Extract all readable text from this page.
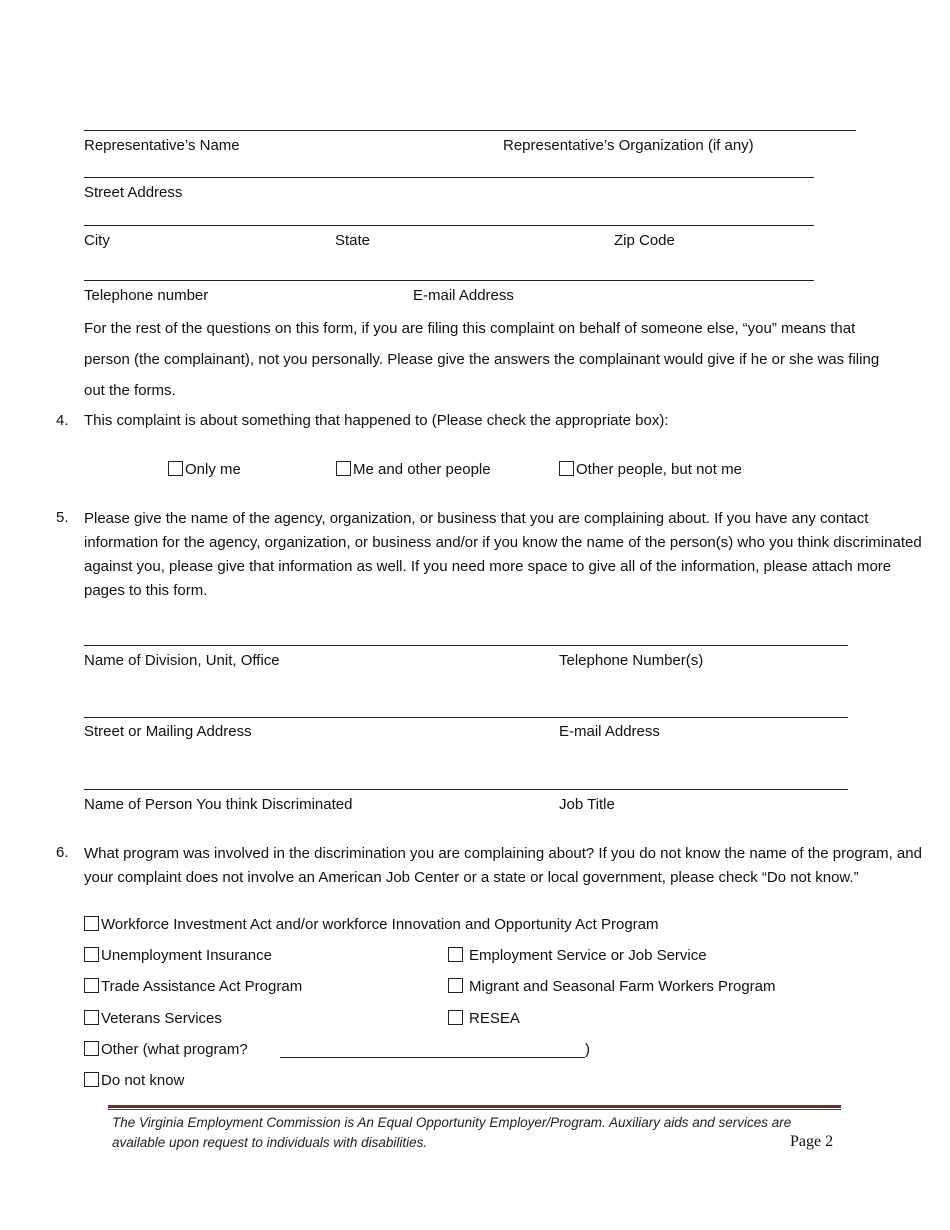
Representative’s Name	Representative’s Organization (if any)
Street Address
City	State	Zip Code
Telephone number	E-mail Address
For the rest of the questions on this form, if you are filing this complaint on behalf of someone else, “you” means that
person (the complainant), not you personally. Please give the answers the complainant would give if he or she was filing
out the forms.
4. This complaint is about something that happened to (Please check the appropriate box):
Only me	Me and other people	Other people, but not me
5. Please give the name of the agency, organization, or business that you are complaining about. If you have any contact information for the agency, organization, or business and/or if you know the name of the person(s) who you think discriminated against you, please give that information as well. If you need more space to give all of the information, please attach more pages to this form.
Name of Division, Unit, Office	Telephone Number(s)
Street or Mailing Address	E-mail Address
Name of Person You think Discriminated	Job Title
6. What program was involved in the discrimination you are complaining about? If you do not know the name of the program, and your complaint does not involve an American Job Center or a state or local government, please check “Do not know.”
Workforce Investment Act and/or workforce Innovation and Opportunity Act Program
Unemployment Insurance	Employment Service or Job Service
Trade Assistance Act Program	Migrant and Seasonal Farm Workers Program
Veterans Services	RESEA
Other (what program?	)
Do not know
The Virginia Employment Commission is An Equal Opportunity Employer/Program. Auxiliary aids and services are
available upon request to individuals with disabilities.	Page 2
